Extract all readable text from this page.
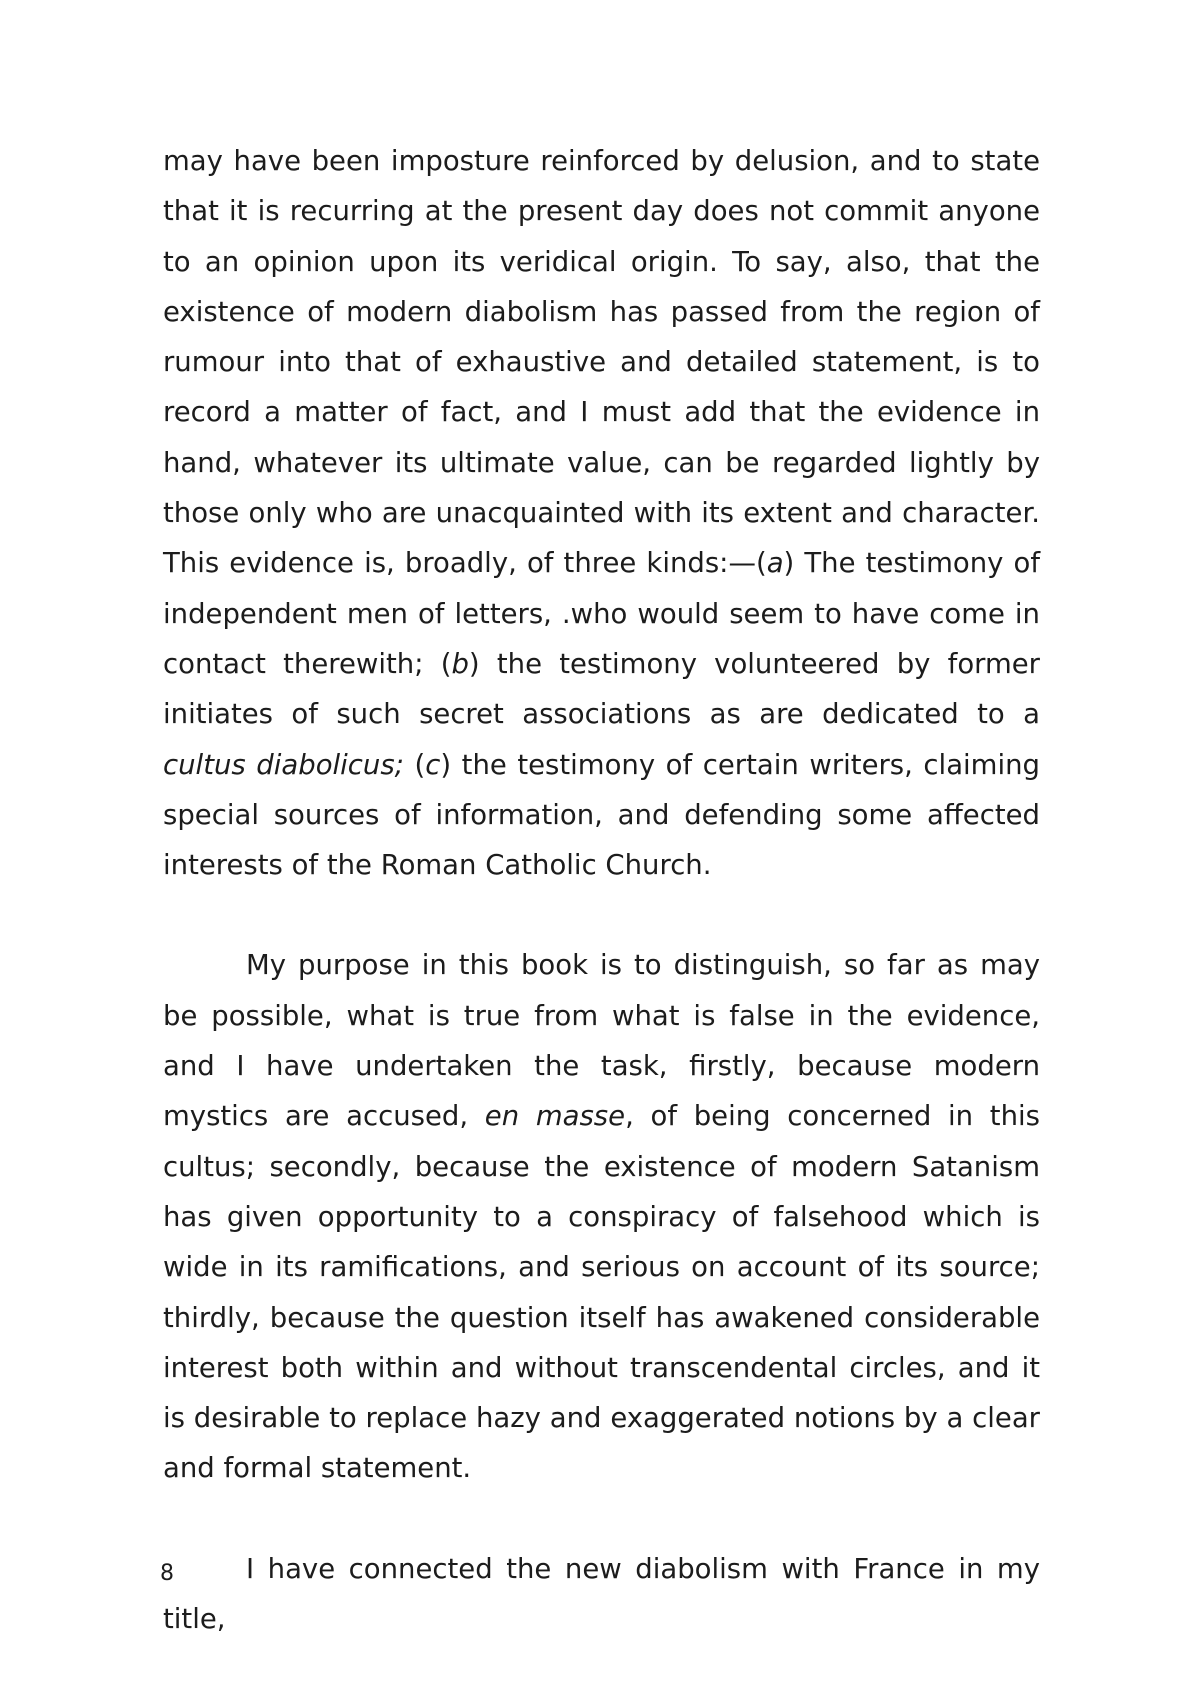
may have been imposture reinforced by delusion, and to state that it is recurring at the present day does not commit anyone to an opinion upon its veridical origin. To say, also, that the existence of modern diabolism has passed from the region of rumour into that of exhaustive and detailed statement, is to record a matter of fact, and I must add that the evidence in hand, whatever its ultimate value, can be regarded lightly by those only who are unacquainted with its extent and character. This evidence is, broadly, of three kinds:—(a) The testimony of independent men of letters, .who would seem to have come in contact therewith; (b) the testimony volunteered by former initiates of such secret associations as are dedicated to a cultus diabolicus; (c) the testimony of certain writers, claiming special sources of information, and defending some affected interests of the Roman Catholic Church.

My purpose in this book is to distinguish, so far as may be possible, what is true from what is false in the evidence, and I have undertaken the task, firstly, because modern mystics are accused, en masse, of being concerned in this cultus; secondly, because the existence of modern Satanism has given opportunity to a conspiracy of falsehood which is wide in its ramifications, and serious on account of its source; thirdly, because the question itself has awakened considerable interest both within and without transcendental circles, and it is desirable to replace hazy and exaggerated notions by a clear and formal statement.

I have connected the new diabolism with France in my title,

8
